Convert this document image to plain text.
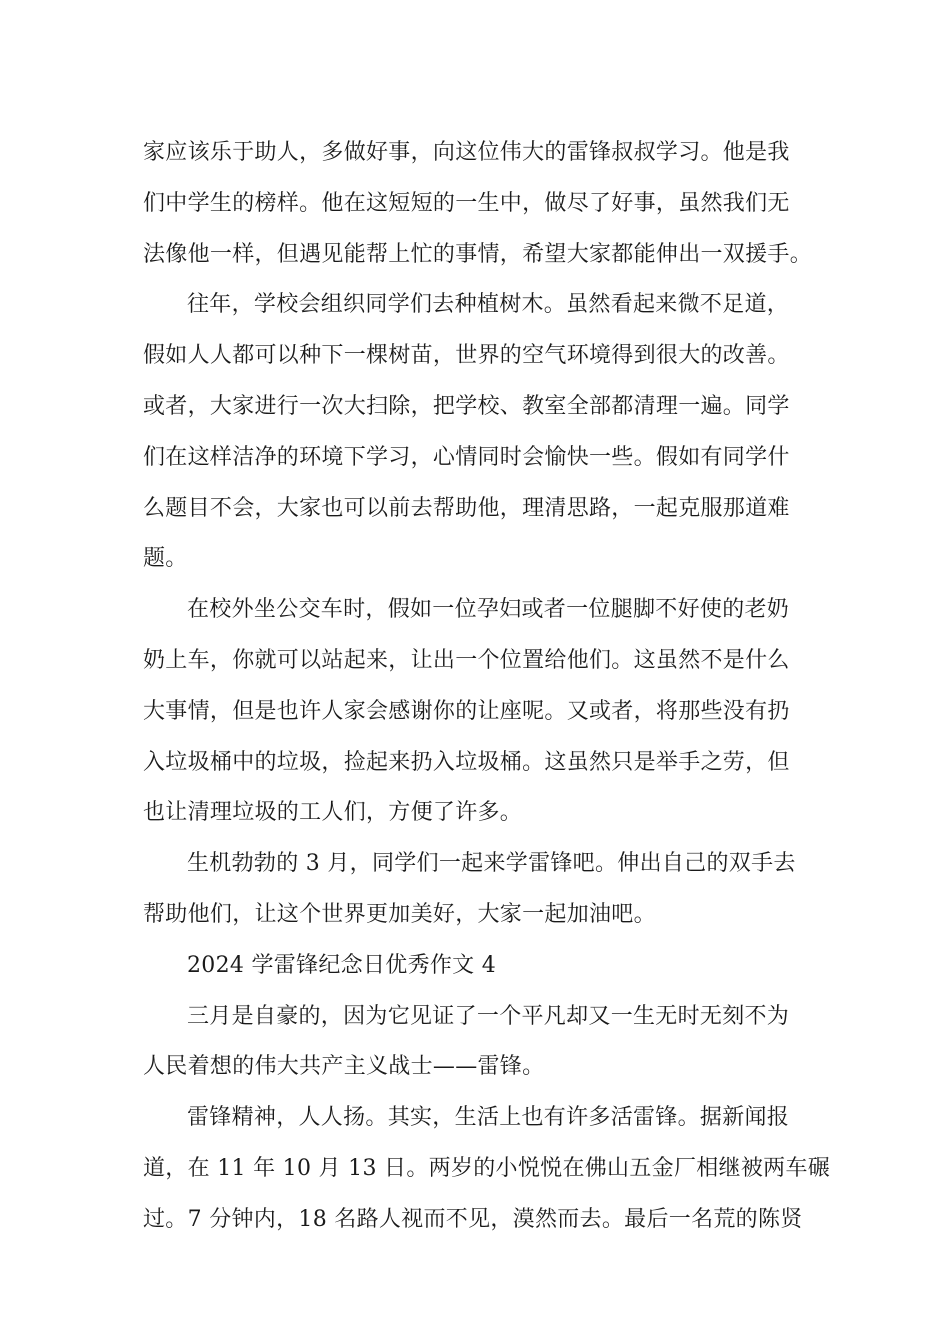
家应该乐于助人，多做好事，向这位伟大的雷锋叔叔学习。他是我
们中学生的榜样。他在这短短的一生中，做尽了好事，虽然我们无
法像他一样，但遇见能帮上忙的事情，希望大家都能伸出一双援手。
往年，学校会组织同学们去种植树木。虽然看起来微不足道，
假如人人都可以种下一棵树苗，世界的空气环境得到很大的改善。
或者，大家进行一次大扫除，把学校、教室全部都清理一遍。同学
们在这样洁净的环境下学习，心情同时会愉快一些。假如有同学什
么题目不会，大家也可以前去帮助他，理清思路，一起克服那道难
题。
在校外坐公交车时，假如一位孕妇或者一位腿脚不好使的老奶
奶上车，你就可以站起来，让出一个位置给他们。这虽然不是什么
大事情，但是也许人家会感谢你的让座呢。又或者，将那些没有扔
入垃圾桶中的垃圾，捡起来扔入垃圾桶。这虽然只是举手之劳，但
也让清理垃圾的工人们，方便了许多。
生机勃勃的 3 月，同学们一起来学雷锋吧。伸出自己的双手去
帮助他们，让这个世界更加美好，大家一起加油吧。
2024 学雷锋纪念日优秀作文 4
三月是自豪的，因为它见证了一个平凡却又一生无时无刻不为
人民着想的伟大共产主义战士——雷锋。
雷锋精神，人人扬。其实，生活上也有许多活雷锋。据新闻报
道，在 11 年 10 月 13 日。两岁的小悦悦在佛山五金厂相继被两车碾
过。7 分钟内，18 名路人视而不见，漠然而去。最后一名荒的陈贤
